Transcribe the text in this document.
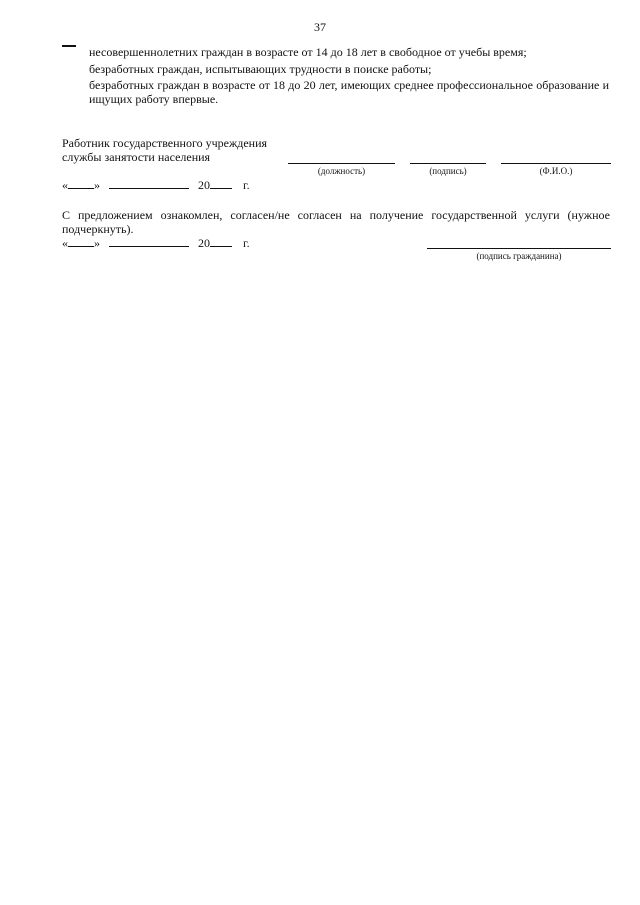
37
несовершеннолетних граждан в возрасте от 14 до 18 лет в свободное от учебы время;
безработных граждан, испытывающих трудности в поиске работы;
безработных граждан в возрасте от 18 до 20 лет, имеющих среднее профессиональное образование и ищущих работу впервые.
Работник государственного учреждения
службы занятости населения
(должность)	(подпись)	(Ф.И.О.)
« »	20	г.
С предложением ознакомлен, согласен/не согласен на получение государственной услуги (нужное подчеркнуть).
« »	20	г.
(подпись гражданина)
